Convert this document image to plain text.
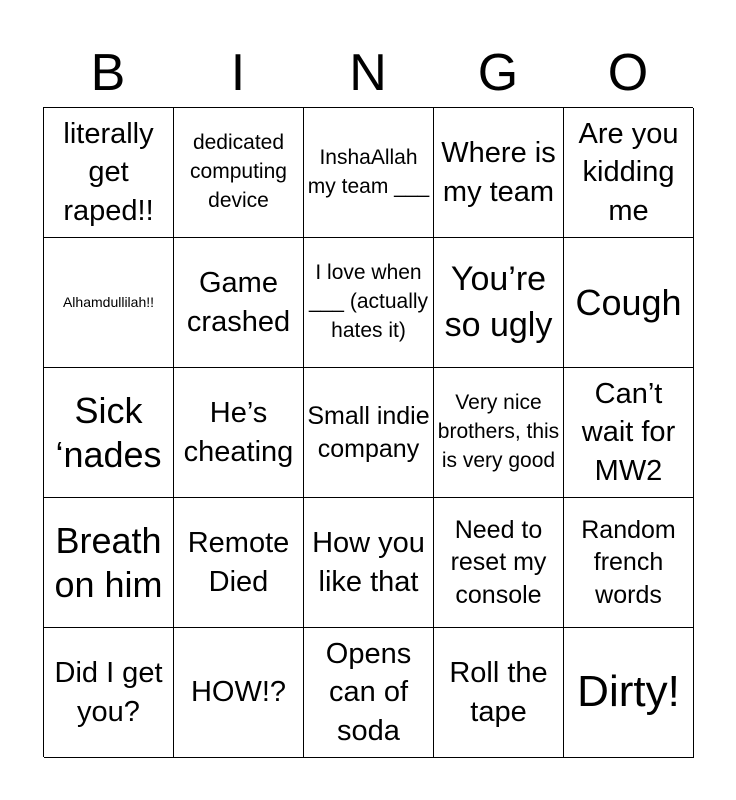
B	I	N	G	O
literally get raped!!
dedicated computing device
InshaAllah my team ___
Where is my team
Are you kidding me
Alhamdullilah!!
Game crashed
I love when ___ (actually hates it)
You’re so ugly
Cough
Sick ‘nades
He’s cheating
Small indie company
Very nice brothers, this is very good
Can’t wait for MW2
Breath on him
Remote Died
How you like that
Need to reset my console
Random french words
Did I get you?
HOW!?
Opens can of soda
Roll the tape	Dirty!
